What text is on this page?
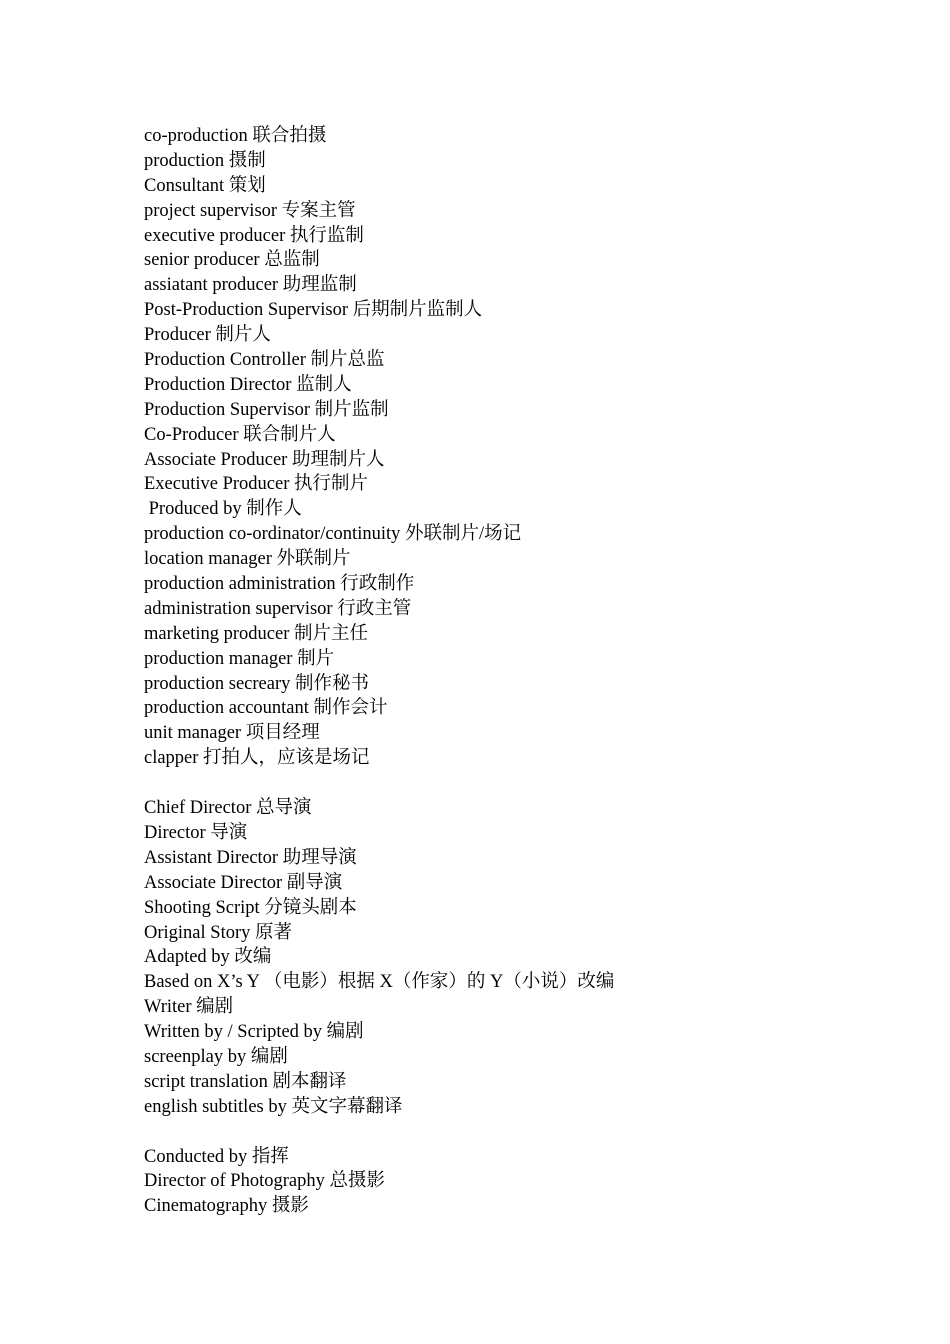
co-production 联合拍摄
production 摄制
Consultant 策划
project supervisor 专案主管
executive producer 执行监制
senior producer 总监制
assiatant producer 助理监制
Post-Production Supervisor 后期制片监制人
Producer 制片人
Production Controller 制片总监
Production Director 监制人
Production Supervisor 制片监制
Co-Producer 联合制片人
Associate Producer 助理制片人
Executive Producer 执行制片
Produced by 制作人
production co-ordinator/continuity 外联制片/场记
location manager 外联制片
production administration 行政制作
administration supervisor 行政主管
marketing producer 制片主任
production manager 制片
production secreary 制作秘书
production accountant 制作会计
unit manager 项目经理
clapper 打拍人，应该是场记
Chief Director 总导演
Director 导演
Assistant Director 助理导演
Associate Director 副导演
Shooting Script 分镜头剧本
Original Story 原著
Adapted by 改编
Based on X’s Y （电影）根据 X（作家）的 Y（小说）改编
Writer 编剧
Written by / Scripted by 编剧
screenplay by 编剧
script translation 剧本翻译
english subtitles by 英文字幕翻译
Conducted by 指挥
Director of Photography 总摄影
Cinematography 摄影
